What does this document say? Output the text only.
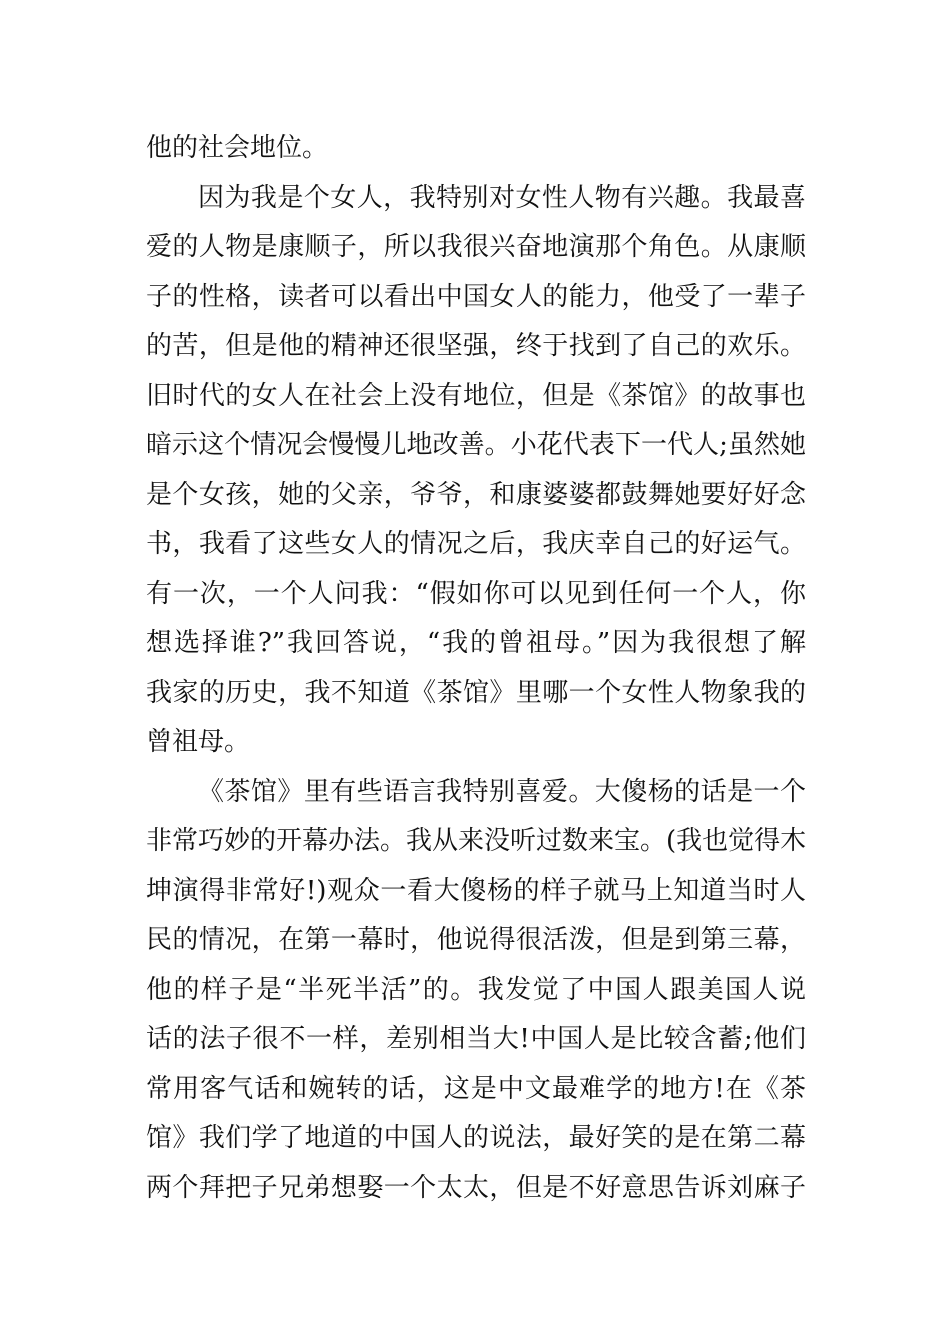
他的社会地位。
因为我是个女人，我特别对女性人物有兴趣。我最喜
爱的人物是康顺子，所以我很兴奋地演那个角色。从康顺
子的性格，读者可以看出中国女人的能力，他受了一辈子
的苦，但是他的精神还很坚强，终于找到了自己的欢乐。
旧时代的女人在社会上没有地位，但是《茶馆》的故事也
暗示这个情况会慢慢儿地改善。小花代表下一代人;虽然她
是个女孩，她的父亲，爷爷，和康婆婆都鼓舞她要好好念
书，我看了这些女人的情况之后，我庆幸自己的好运气。
有一次，一个人问我：“假如你可以见到任何一个人，你
想选择谁?”我回答说，“我的曾祖母。”因为我很想了解
我家的历史，我不知道《茶馆》里哪一个女性人物象我的
曾祖母。
《茶馆》里有些语言我特别喜爱。大傻杨的话是一个
非常巧妙的开幕办法。我从来没听过数来宝。(我也觉得木
坤演得非常好!)观众一看大傻杨的样子就马上知道当时人
民的情况，在第一幕时，他说得很活泼，但是到第三幕，
他的样子是“半死半活”的。我发觉了中国人跟美国人说
话的法子很不一样，差别相当大!中国人是比较含蓄;他们
常用客气话和婉转的话，这是中文最难学的地方!在《茶
馆》我们学了地道的中国人的说法，最好笑的是在第二幕
两个拜把子兄弟想娶一个太太，但是不好意思告诉刘麻子
